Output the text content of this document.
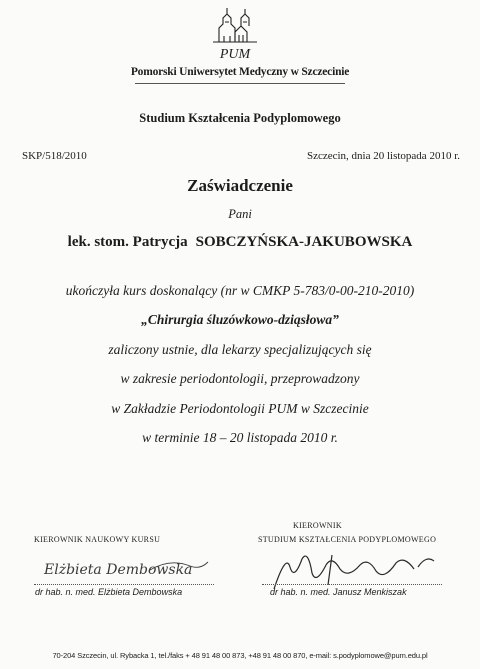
PUM
Pomorski Uniwersytet Medyczny w Szczecinie
Studium Kształcenia Podyplomowego
SKP/518/2010	Szczecin, dnia 20 listopada 2010 r.
Zaświadczenie
Pani
lek. stom. Patrycja SOBCZYŃSKA-JAKUBOWSKA
ukończyła kurs doskonalący (nr w CMKP 5-783/0-00-210-2010)
„Chirurgia śluzówkowo-dziąsłowa”
zaliczony ustnie, dla lekarzy specjalizujących się
w zakresie periodontologii, przeprowadzony
w Zakładzie Periodontologii PUM w Szczecinie
w terminie 18 – 20 listopada 2010 r.
KIEROWNIK NAUKOWY KURSU
Elżbieta Dembowska
dr hab. n. med. Elżbieta Dembowska
KIEROWNIK
STUDIUM KSZTAŁCENIA PODYPLOMOWEGO
dr hab. n. med. Janusz Menkiszak
70-204 Szczecin, ul. Rybacka 1, tel./faks + 48 91 48 00 873, +48 91 48 00 870, e-mail: s.podyplomowe@pum.edu.pl
